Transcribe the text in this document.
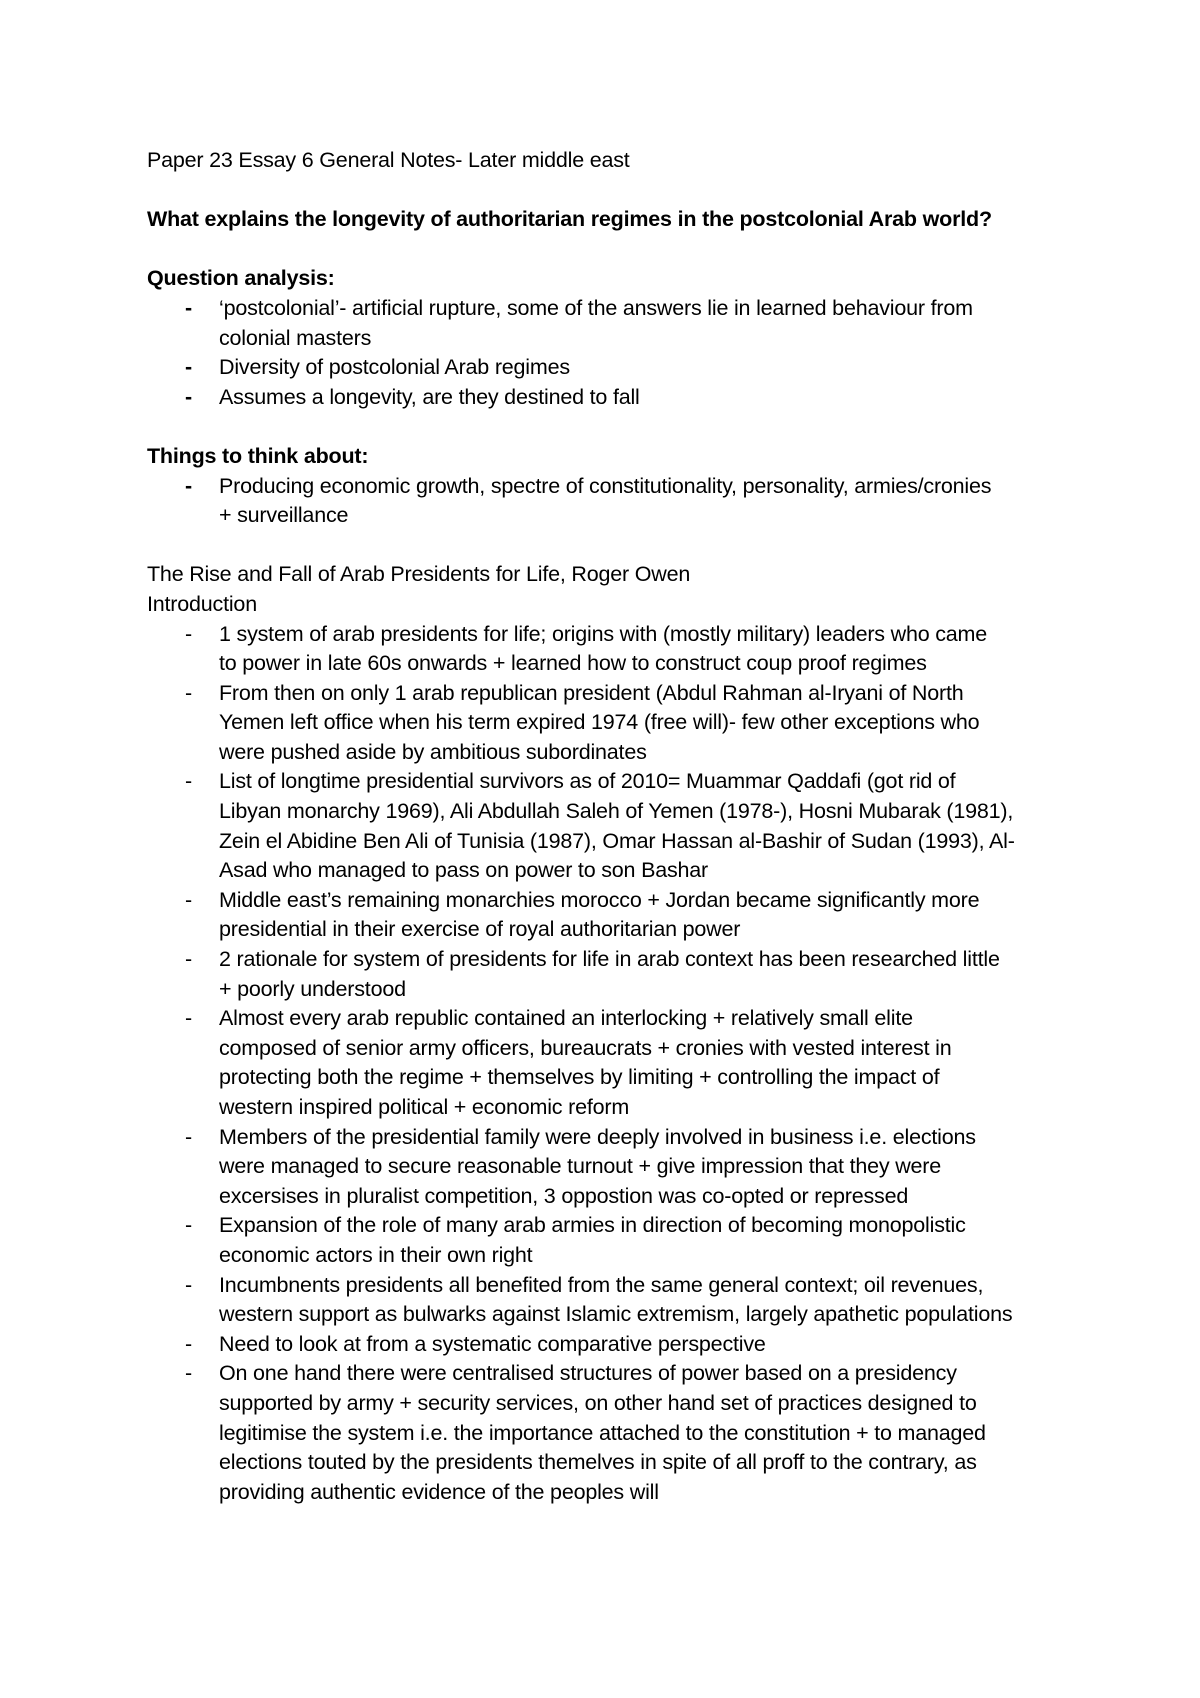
Paper 23 Essay 6 General Notes- Later middle east

What explains the longevity of authoritarian regimes in the postcolonial Arab world?

Question analysis:

- ‘postcolonial’- artificial rupture, some of the answers lie in learned behaviour from
colonial masters
- Diversity of postcolonial Arab regimes
- Assumes a longevity, are they destined to fall

Things to think about:

- Producing economic growth, spectre of constitutionality, personality, armies/cronies
+ surveillance

The Rise and Fall of Arab Presidents for Life, Roger Owen

Introduction

- 1 system of arab presidents for life; origins with (mostly military) leaders who came
to power in late 60s onwards + learned how to construct coup proof regimes
- From then on only 1 arab republican president (Abdul Rahman al-Iryani of North
Yemen left office when his term expired 1974 (free will)- few other exceptions who
were pushed aside by ambitious subordinates
- List of longtime presidential survivors as of 2010= Muammar Qaddafi (got rid of
Libyan monarchy 1969), Ali Abdullah Saleh of Yemen (1978-), Hosni Mubarak (1981),
Zein el Abidine Ben Ali of Tunisia (1987), Omar Hassan al-Bashir of Sudan (1993), Al-
Asad who managed to pass on power to son Bashar
- Middle east’s remaining monarchies morocco + Jordan became significantly more
presidential in their exercise of royal authoritarian power
- 2 rationale for system of presidents for life in arab context has been researched little
+ poorly understood
- Almost every arab republic contained an interlocking + relatively small elite
composed of senior army officers, bureaucrats + cronies with vested interest in
protecting both the regime + themselves by limiting + controlling the impact of
western inspired political + economic reform
- Members of the presidential family were deeply involved in business i.e. elections
were managed to secure reasonable turnout + give impression that they were
excersises in pluralist competition, 3 oppostion was co-opted or repressed
- Expansion of the role of many arab armies in direction of becoming monopolistic
economic actors in their own right
- Incumbnents presidents all benefited from the same general context; oil revenues,
western support as bulwarks against Islamic extremism, largely apathetic populations
- Need to look at from a systematic comparative perspective
- On one hand there were centralised structures of power based on a presidency
supported by army + security services, on other hand set of practices designed to
legitimise the system i.e. the importance attached to the constitution + to managed
elections touted by the presidents themelves in spite of all proff to the contrary, as
providing authentic evidence of the peoples will
